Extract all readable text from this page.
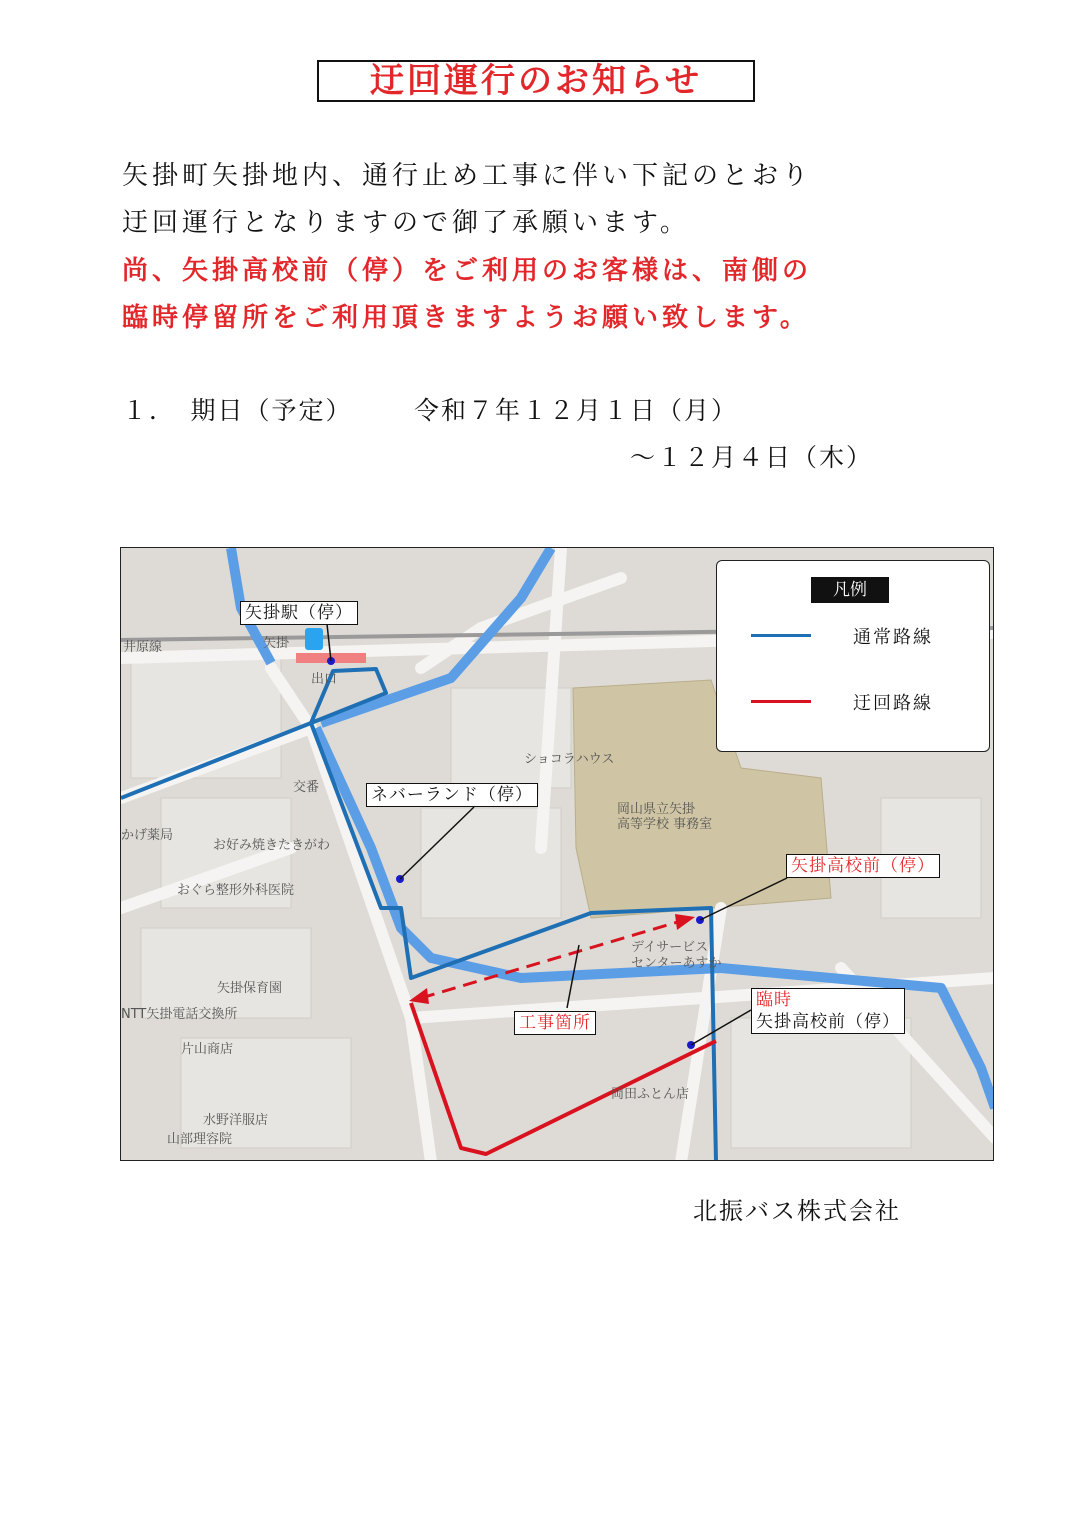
迂回運行のお知らせ
矢掛町矢掛地内、通行止め工事に伴い下記のとおり
迂回運行となりますので御了承願います。
尚、矢掛高校前（停）をご利用のお客様は、南側の
臨時停留所をご利用頂きますようお願い致します。
１．　期日（予定） 令和７年１２月１日（月）
～１２月４日（木）
井原線	矢掛
出口
交番
ショコラハウス
岡山県立矢掛
高等学校 事務室
お好み焼きたきがわ
おぐら整形外科医院
矢掛保育園
NTT矢掛電話交換所
片山商店
水野洋服店
山部理容院
デイサービス
センターあすか
岡田ふとん店
かげ薬局
矢掛駅（停）
ネバーランド（停）
矢掛高校前（停）
臨時
矢掛高校前（停）
工事箇所
凡例
通常路線
迂回路線
北振バス株式会社
